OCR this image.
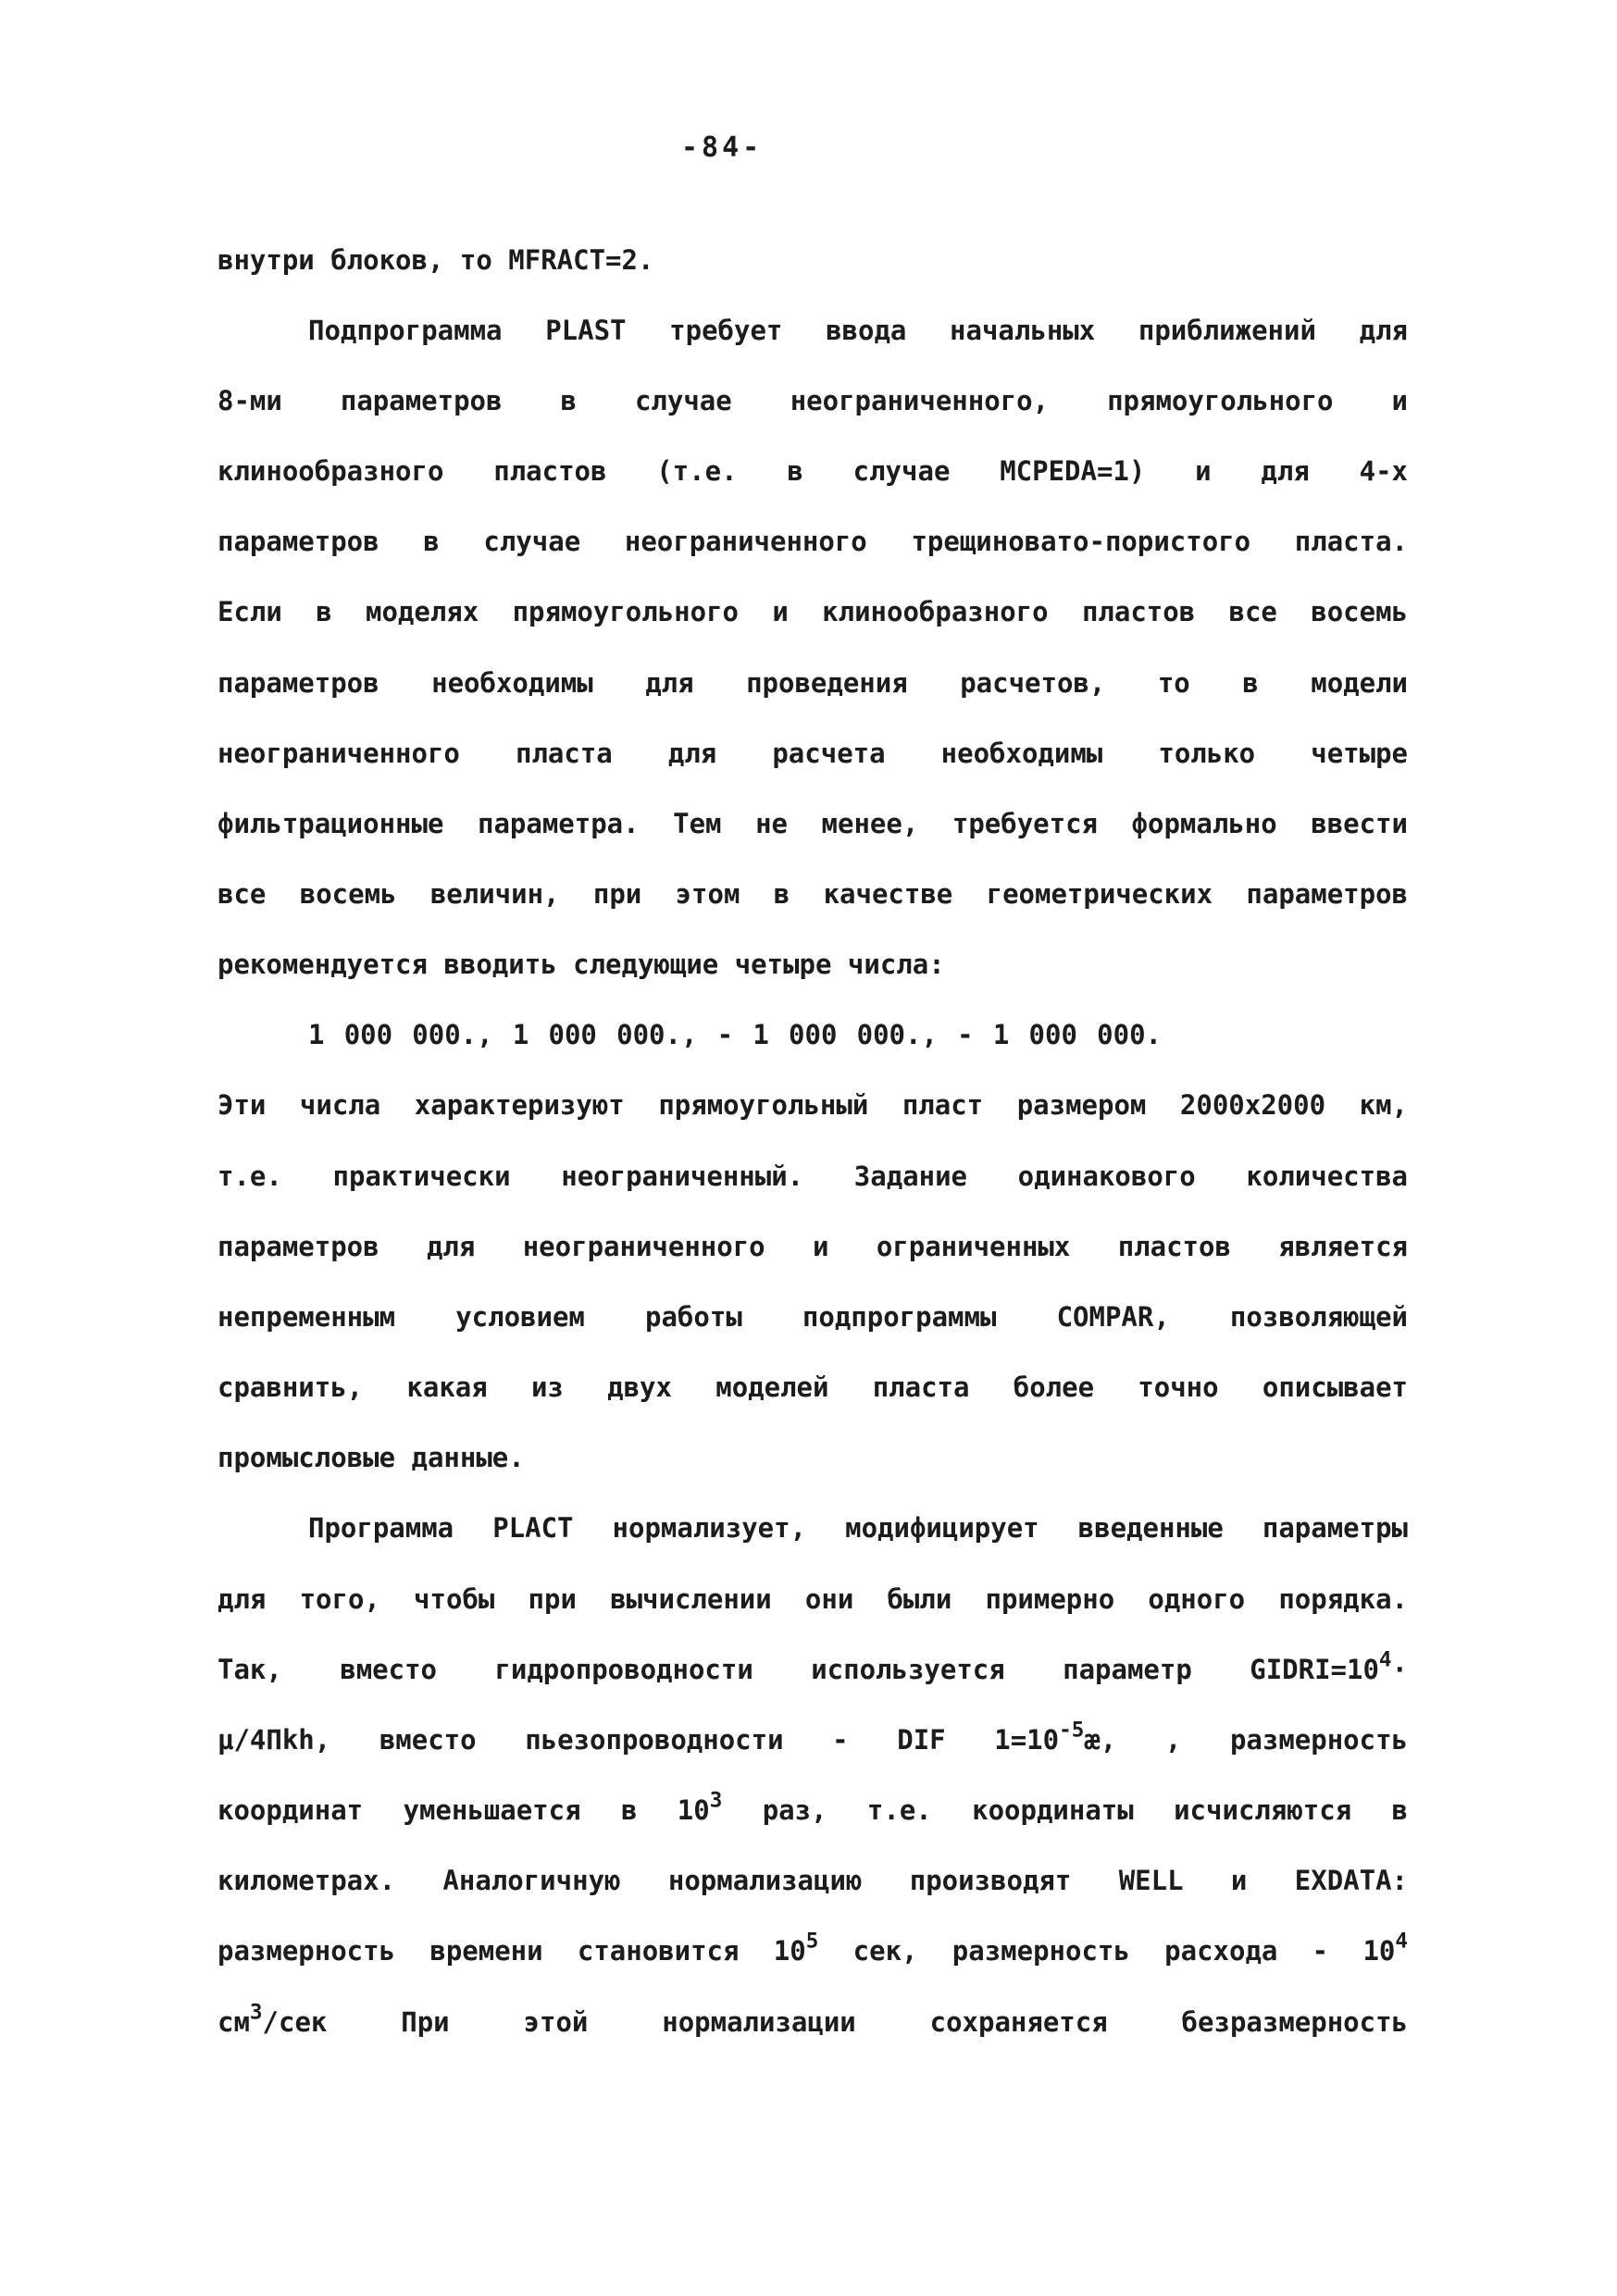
-84-
внутри блоков, то MFRACT=2.
Подпрограмма PLAST требует ввода начальных приближений для
8-ми параметров в случае неограниченного, прямоугольного и
клинообразного пластов (т.е. в случае MCPEDA=1) и для 4-х
параметров в случае неограниченного трещиновато-пористого пласта.
Если в моделях прямоугольного и клинообразного пластов все восемь
параметров необходимы для проведения расчетов, то в модели
неограниченного пласта для расчета необходимы только четыре
фильтрационные параметра. Тем не менее, требуется формально ввести
все восемь величин, при этом в качестве геометрических параметров
рекомендуется вводить следующие четыре числа:
1 000 000., 1 000 000., - 1 000 000., - 1 000 000.
Эти числа характеризуют прямоугольный пласт размером 2000x2000 км,
т.е. практически неограниченный. Задание одинакового количества
параметров для неограниченного и ограниченных пластов является
непременным условием работы подпрограммы COMPAR, позволяющей
сравнить, какая из двух моделей пласта более точно описывает
промысловые данные.
Программа PLACT нормализует, модифицирует введенные параметры
для того, чтобы при вычислении они были примерно одного порядка.
Так, вместо гидропроводности используется параметр $GIDRI=10^4\cdot$
μ/4Пkh, вместо пьезопроводности - DIF $1=10^{-5}æ$, , размерность
координат уменьшается в $10^3$ раз, т.е. координаты исчисляются в
километрах. Аналогичную нормализацию производят WELL и EXDATA:
размерность времени становится $10^5$ сек, размерность расхода - $10^4$
$см^3$/сек При этой нормализации сохраняется безразмерность
